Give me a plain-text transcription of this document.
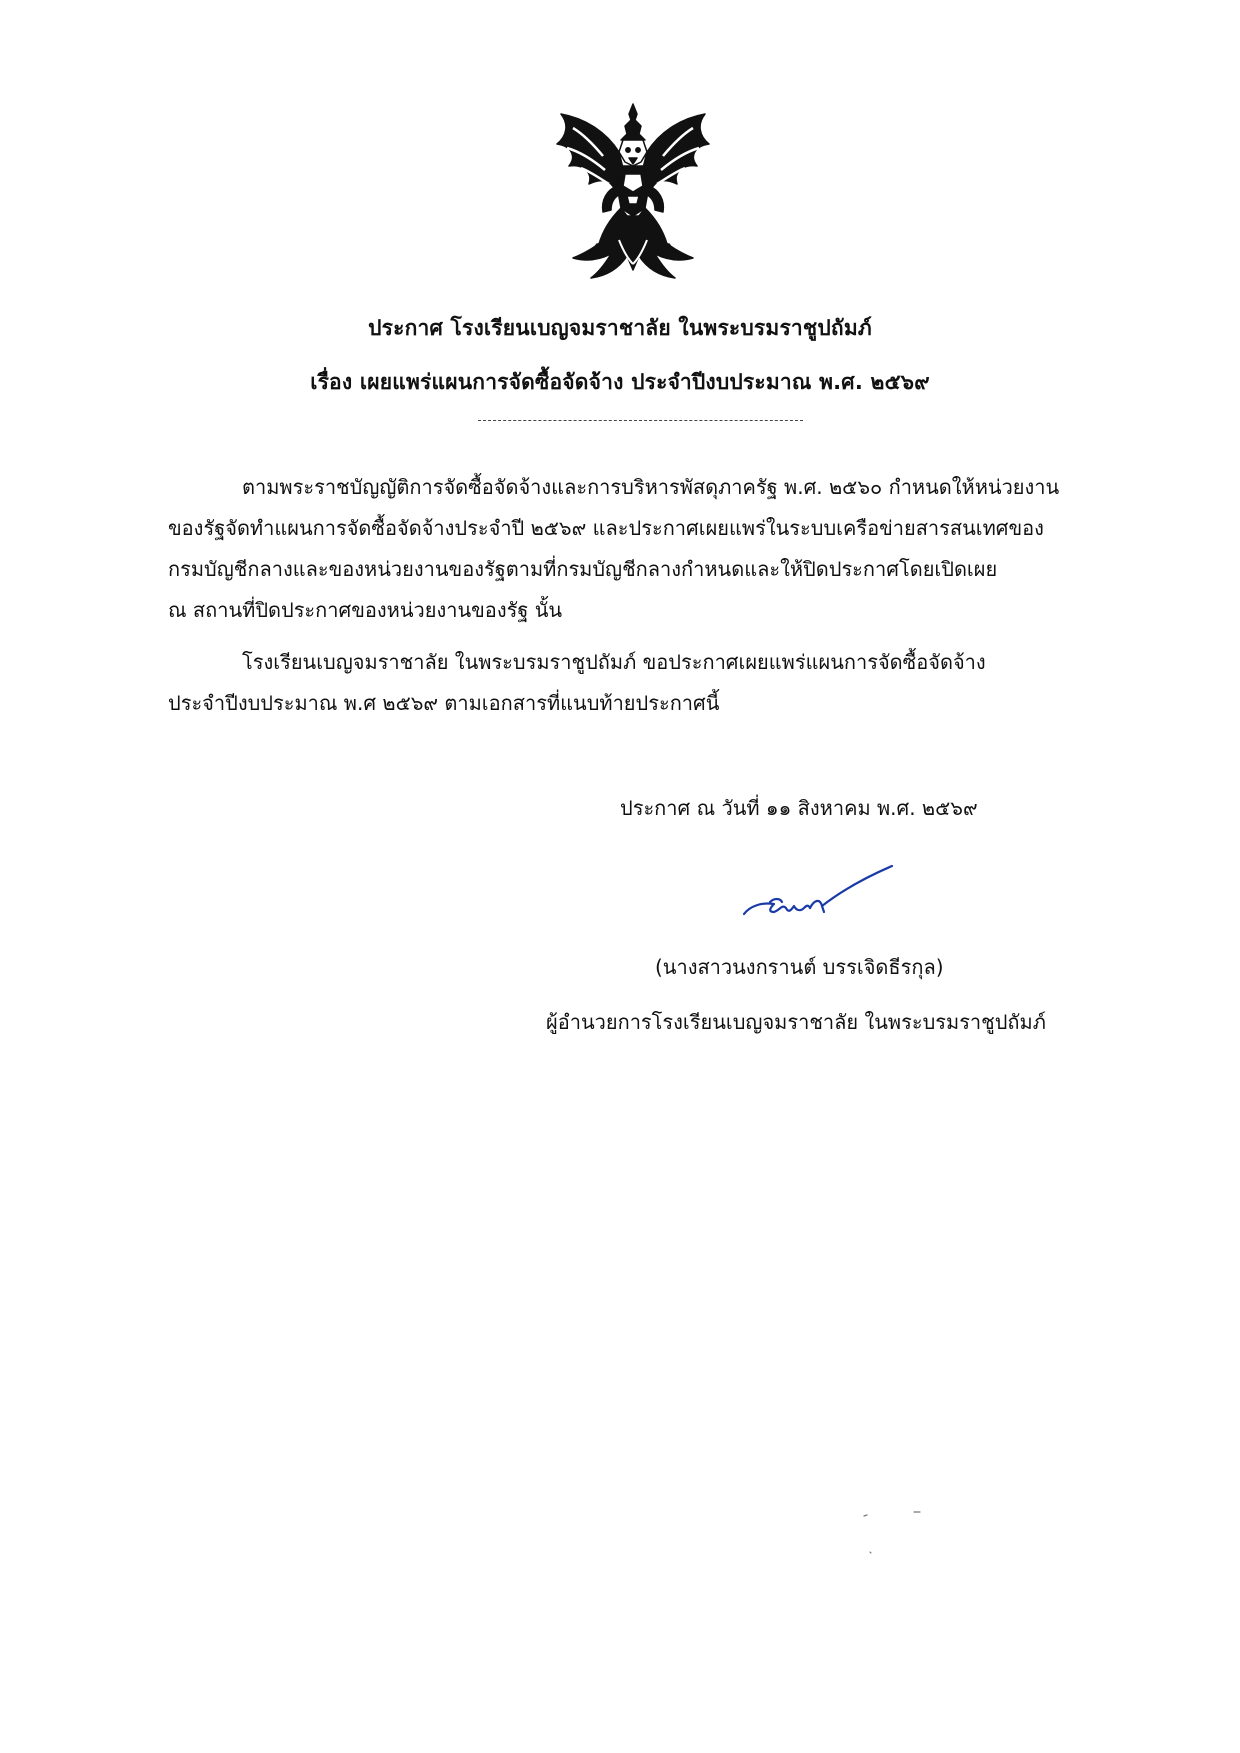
ประกาศ โรงเรียนเบญจมราชาลัย ในพระบรมราชูปถัมภ์
เรื่อง เผยแพร่แผนการจัดซื้อจัดจ้าง ประจำปีงบประมาณ พ.ศ. ๒๕๖๙

ตามพระราชบัญญัติการจัดซื้อจัดจ้างและการบริหารพัสดุภาครัฐ พ.ศ. ๒๕๖๐ กำหนดให้หน่วยงาน
ของรัฐจัดทำแผนการจัดซื้อจัดจ้างประจำปี ๒๕๖๙ และประกาศเผยแพร่ในระบบเครือข่ายสารสนเทศของ
กรมบัญชีกลางและของหน่วยงานของรัฐตามที่กรมบัญชีกลางกำหนดและให้ปิดประกาศโดยเปิดเผย
ณ สถานที่ปิดประกาศของหน่วยงานของรัฐ นั้น

โรงเรียนเบญจมราชาลัย ในพระบรมราชูปถัมภ์ ขอประกาศเผยแพร่แผนการจัดซื้อจัดจ้าง
ประจำปีงบประมาณ พ.ศ ๒๕๖๙ ตามเอกสารที่แนบท้ายประกาศนี้

ประกาศ ณ วันที่ ๑๑ สิงหาคม พ.ศ. ๒๕๖๙
(นางสาวนงกรานต์ บรรเจิดธีรกุล)
ผู้อำนวยการโรงเรียนเบญจมราชาลัย ในพระบรมราชูปถัมภ์
